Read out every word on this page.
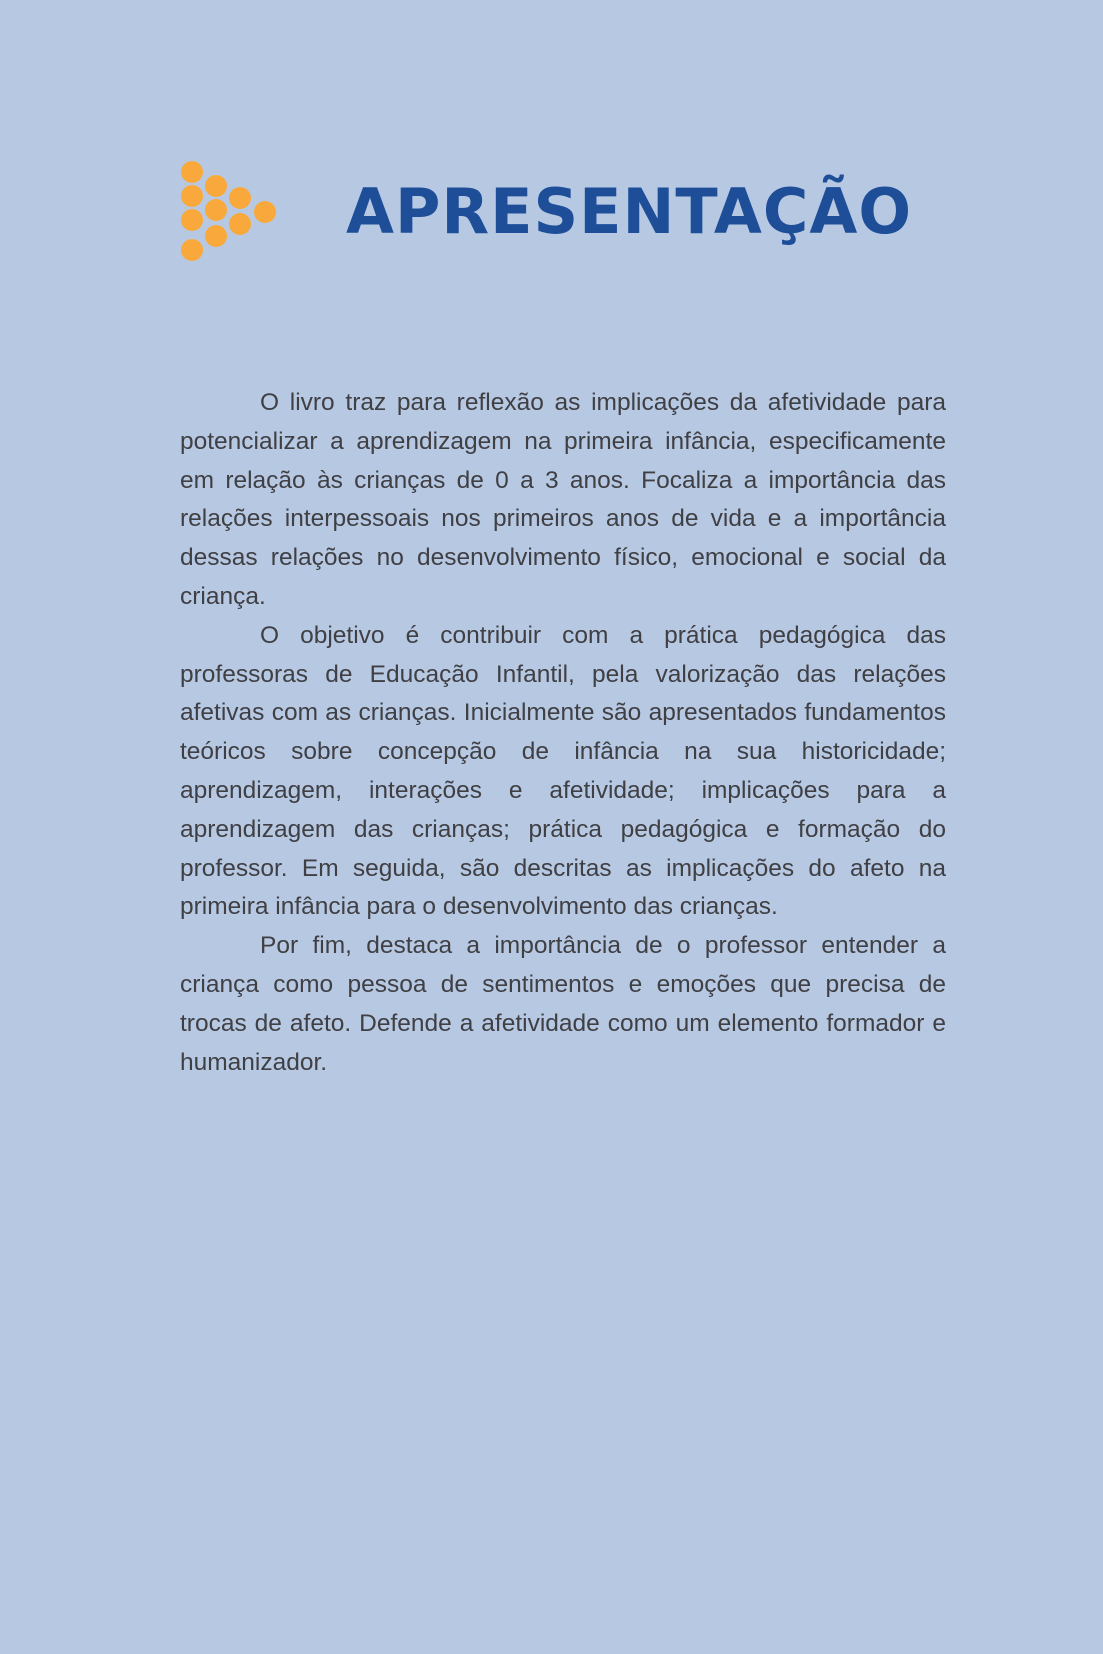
APRESENTAÇÃO

O livro traz para reflexão as implicações da afetividade para potencializar a aprendizagem na primeira infância, especificamente em relação às crianças de 0 a 3 anos. Focaliza a importância das relações interpessoais nos primeiros anos de vida e a importância dessas relações no desenvolvimento físico, emocional e social da criança.

O objetivo é contribuir com a prática pedagógica das professoras de Educação Infantil, pela valorização das relações afetivas com as crianças. Inicialmente são apresentados fundamentos teóricos sobre concepção de infância na sua historicidade; aprendizagem, interações e afetividade; implicações para a aprendizagem das crianças; prática pedagógica e formação do professor. Em seguida, são descritas as implicações do afeto na primeira infância para o desenvolvimento das crianças.

Por fim, destaca a importância de o professor entender a criança como pessoa de sentimentos e emoções que precisa de trocas de afeto. Defende a afetividade como um elemento formador e humanizador.
